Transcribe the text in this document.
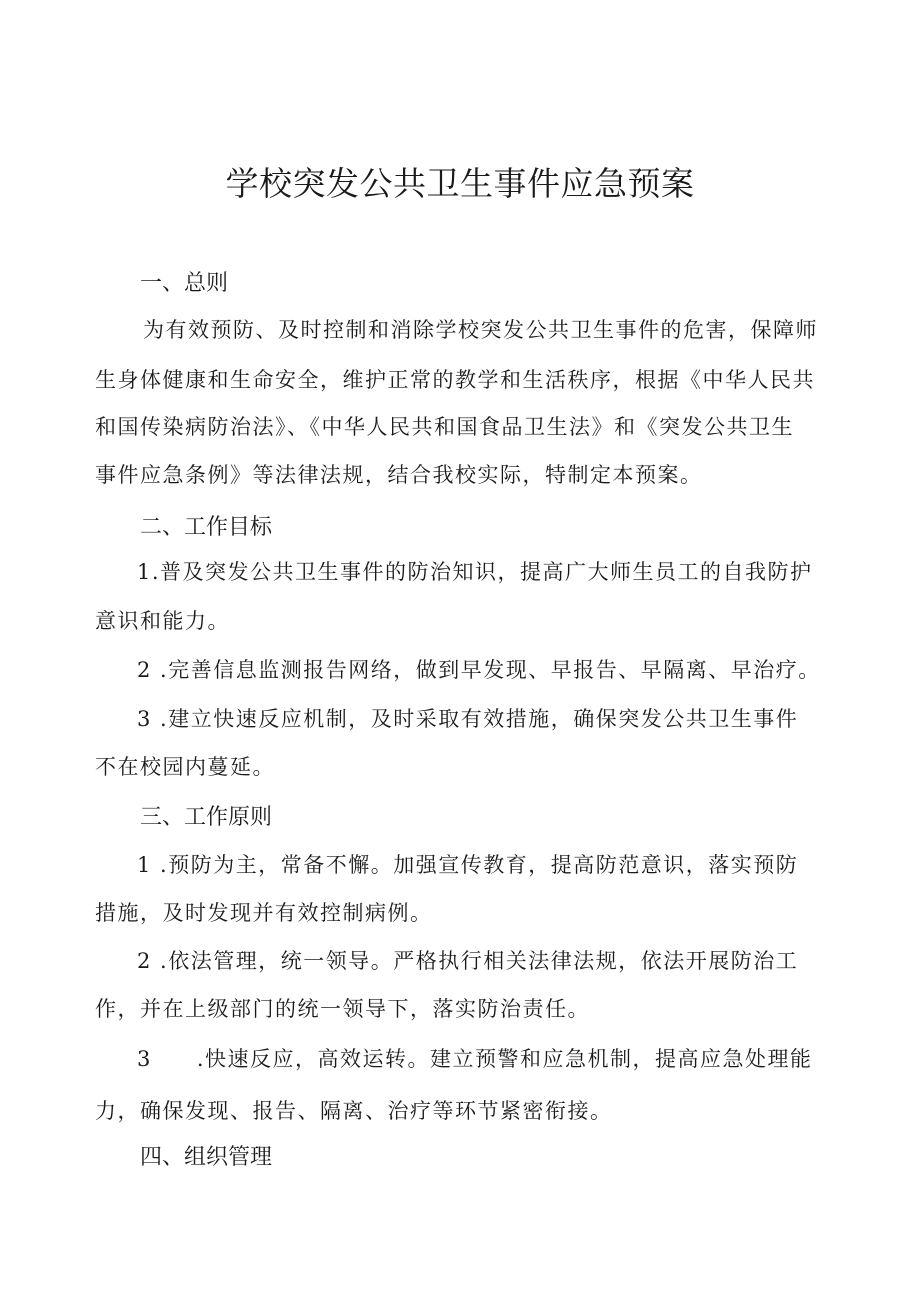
学校突发公共卫生事件应急预案
一、总则
为有效预防、及时控制和消除学校突发公共卫生事件的危害，保障师
生身体健康和生命安全，维护正常的教学和生活秩序，根据《中华人民共
和国传染病防治法》、《中华人民共和国食品卫生法》和《突发公共卫生
事件应急条例》等法律法规，结合我校实际，特制定本预案。
二、工作目标
1.普及突发公共卫生事件的防治知识，提高广大师生员工的自我防护
意识和能力。
2 .完善信息监测报告网络，做到早发现、早报告、早隔离、早治疗。
3 .建立快速反应机制，及时采取有效措施，确保突发公共卫生事件
不在校园内蔓延。
三、工作原则
1 .预防为主，常备不懈。加强宣传教育，提高防范意识，落实预防
措施，及时发现并有效控制病例。
2 .依法管理，统一领导。严格执行相关法律法规，依法开展防治工
作，并在上级部门的统一领导下，落实防治责任。
3　　.快速反应，高效运转。建立预警和应急机制，提高应急处理能
力，确保发现、报告、隔离、治疗等环节紧密衔接。
四、组织管理
